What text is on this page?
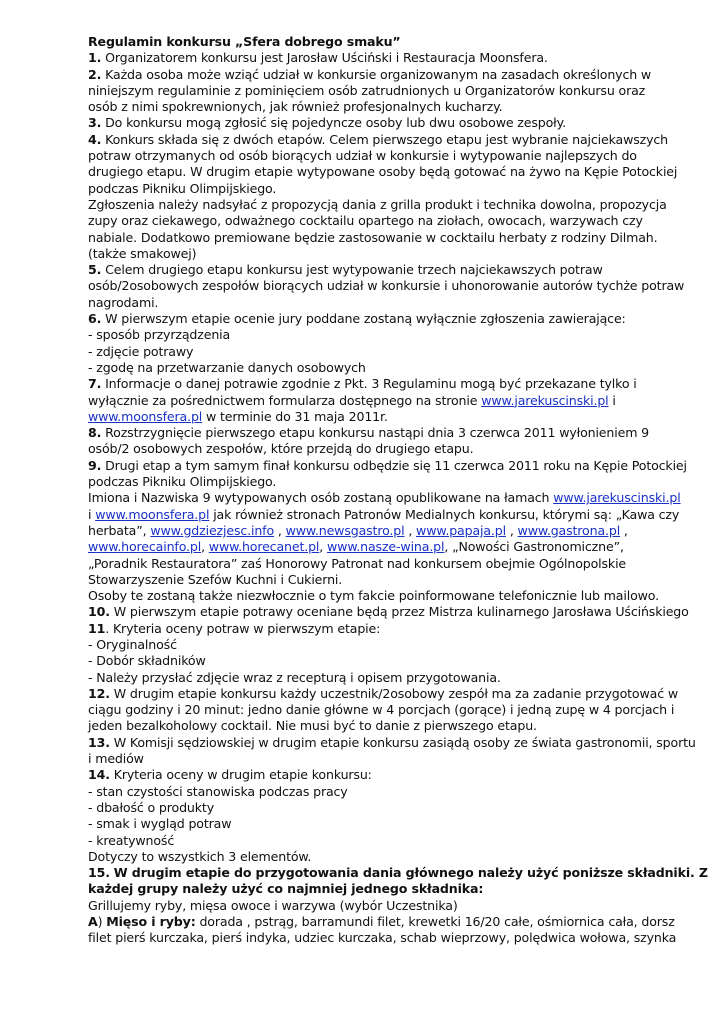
Regulamin konkursu „Sfera dobrego smaku”
1. Organizatorem konkursu jest Jarosław Uściński i Restauracja Moonsfera.
2. Każda osoba może wziąć udział w konkursie organizowanym na zasadach określonych w
niniejszym regulaminie z pominięciem osób zatrudnionych u Organizatorów konkursu oraz
osób z nimi spokrewnionych, jak również profesjonalnych kucharzy.
3. Do konkursu mogą zgłosić się pojedyncze osoby lub dwu osobowe zespoły.
4. Konkurs składa się z dwóch etapów. Celem pierwszego etapu jest wybranie najciekawszych
potraw otrzymanych od osób biorących udział w konkursie i wytypowanie najlepszych do
drugiego etapu. W drugim etapie wytypowane osoby będą gotować na żywo na Kępie Potockiej
podczas Pikniku Olimpijskiego.
Zgłoszenia należy nadsyłać z propozycją dania z grilla produkt i technika dowolna, propozycja
zupy oraz ciekawego, odważnego cocktailu opartego na ziołach, owocach, warzywach czy
nabiale. Dodatkowo premiowane będzie zastosowanie w cocktailu herbaty z rodziny Dilmah.
(także smakowej)
5. Celem drugiego etapu konkursu jest wytypowanie trzech najciekawszych potraw
osób/2osobowych zespołów biorących udział w konkursie i uhonorowanie autorów tychże potraw
nagrodami.
6. W pierwszym etapie ocenie jury poddane zostaną wyłącznie zgłoszenia zawierające:
- sposób przyrządzenia
- zdjęcie potrawy
- zgodę na przetwarzanie danych osobowych
7. Informacje o danej potrawie zgodnie z Pkt. 3 Regulaminu mogą być przekazane tylko i
wyłącznie za pośrednictwem formularza dostępnego na stronie www.jarekuscinski.pl i
www.moonsfera.pl w terminie do 31 maja 2011r.
8. Rozstrzygnięcie pierwszego etapu konkursu nastąpi dnia 3 czerwca 2011 wyłonieniem 9
osób/2 osobowych zespołów, które przejdą do drugiego etapu.
9. Drugi etap a tym samym finał konkursu odbędzie się 11 czerwca 2011 roku na Kępie Potockiej
podczas Pikniku Olimpijskiego.
Imiona i Nazwiska 9 wytypowanych osób zostaną opublikowane na łamach www.jarekuscinski.pl
i www.moonsfera.pl jak również stronach Patronów Medialnych konkursu, którymi są: „Kawa czy
herbata”, www.gdziezjesc.info , www.newsgastro.pl , www.papaja.pl , www.gastrona.pl ,
www.horecainfo.pl, www.horecanet.pl, www.nasze-wina.pl, „Nowości Gastronomiczne”,
„Poradnik Restauratora” zaś Honorowy Patronat nad konkursem obejmie Ogólnopolskie
Stowarzyszenie Szefów Kuchni i Cukierni.
Osoby te zostaną także niezwłocznie o tym fakcie poinformowane telefonicznie lub mailowo.
10. W pierwszym etapie potrawy oceniane będą przez Mistrza kulinarnego Jarosława Uścińskiego
11. Kryteria oceny potraw w pierwszym etapie:
- Oryginalność
- Dobór składników
- Należy przysłać zdjęcie wraz z recepturą i opisem przygotowania.
12. W drugim etapie konkursu każdy uczestnik/2osobowy zespół ma za zadanie przygotować w
ciągu godziny i 20 minut: jedno danie główne w 4 porcjach (gorące) i jedną zupę w 4 porcjach i
jeden bezalkoholowy cocktail. Nie musi być to danie z pierwszego etapu.
13. W Komisji sędziowskiej w drugim etapie konkursu zasiądą osoby ze świata gastronomii, sportu
i mediów
14. Kryteria oceny w drugim etapie konkursu:
- stan czystości stanowiska podczas pracy
- dbałość o produkty
- smak i wygląd potraw
- kreatywność
Dotyczy to wszystkich 3 elementów.
15. W drugim etapie do przygotowania dania głównego należy użyć poniższe składniki. Z
każdej grupy należy użyć co najmniej jednego składnika:
Grillujemy ryby, mięsa owoce i warzywa (wybór Uczestnika)
A) Mięso i ryby: dorada , pstrąg, barramundi filet, krewetki 16/20 całe, ośmiornica cała, dorsz
filet pierś kurczaka, pierś indyka, udziec kurczaka, schab wieprzowy, polędwica wołowa, szynka
